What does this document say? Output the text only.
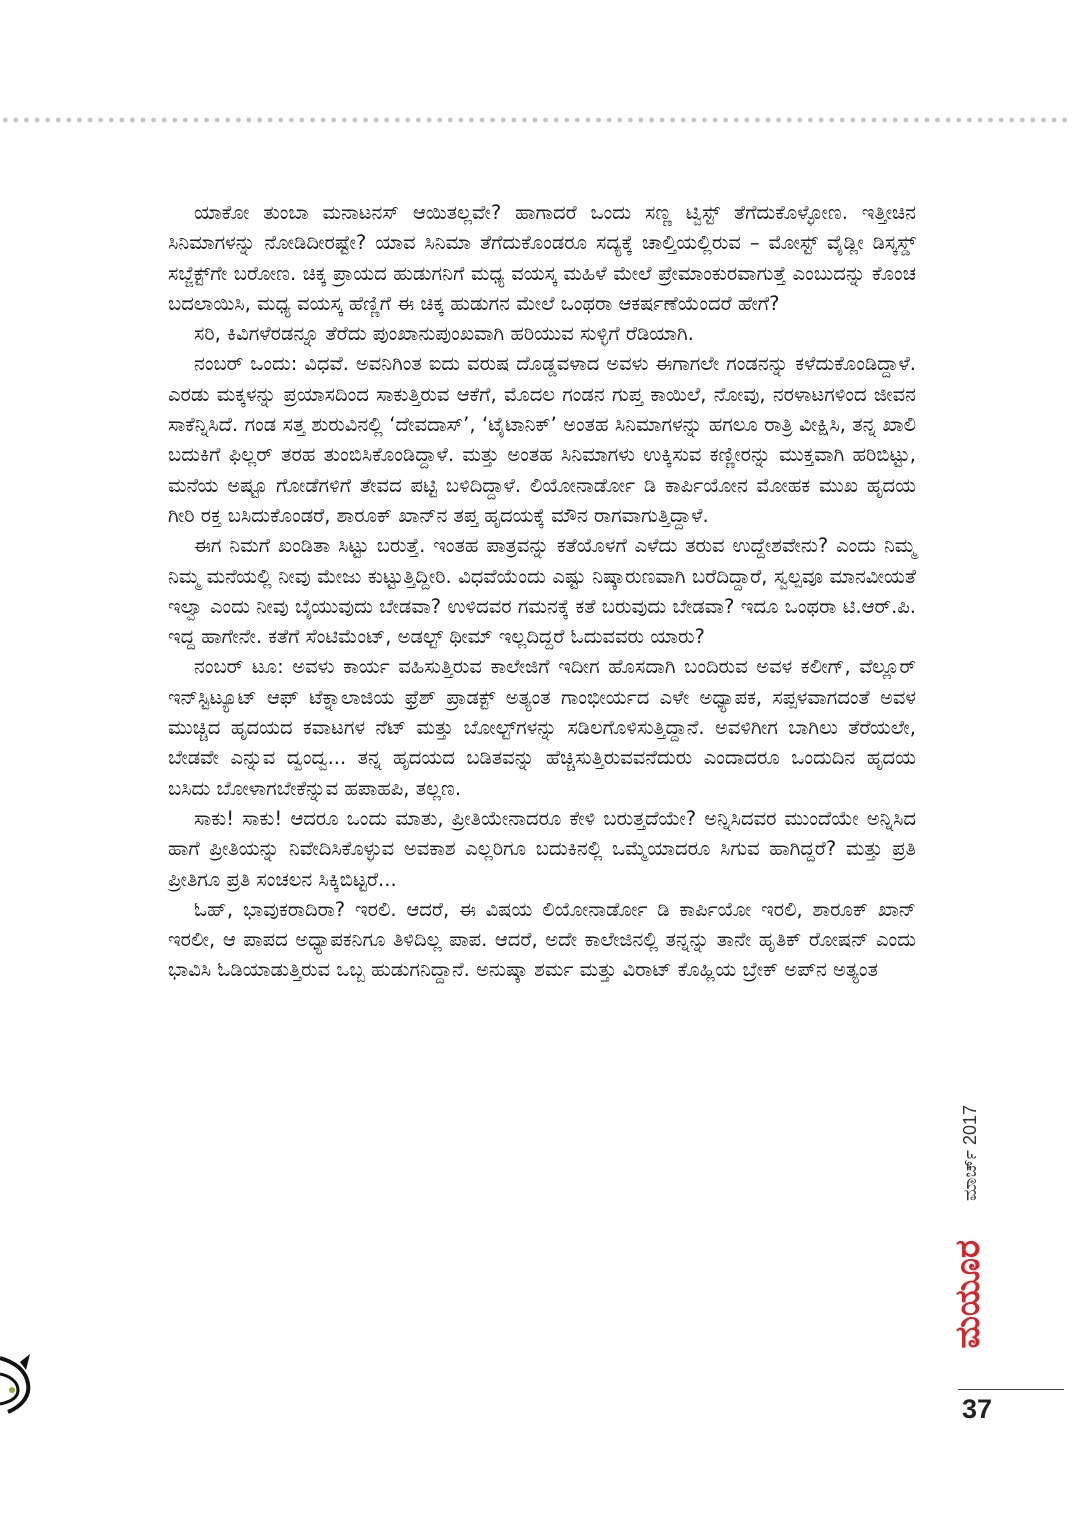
ಯಾಕೋ ತುಂಬಾ ಮನಾಟನಸ್ ಆಯಿತಲ್ಲವೇ? ಹಾಗಾದರೆ ಒಂದು ಸಣ್ಣ ಟ್ವಿಸ್ಟ್ ತೆಗೆದುಕೊಳ್ಳೋಣ. ಇತ್ತೀಚಿನ ಸಿನಿಮಾಗಳನ್ನು ನೋಡಿದೀರಷ್ಟೇ? ಯಾವ ಸಿನಿಮಾ ತೆಗೆದುಕೊಂಡರೂ ಸದ್ಯಕ್ಕೆ ಚಾಲ್ತಿಯಲ್ಲಿರುವ – ಮೋಸ್ಟ್ ವೈಡ್ಲೀ ಡಿಸ್ಕಸ್ಡ್ ಸಬ್ಜೆಕ್ಟ್‌ಗೇ ಬರೋಣ. ಚಿಕ್ಕ ಪ್ರಾಯದ ಹುಡುಗನಿಗೆ ಮಧ್ಯ ವಯಸ್ಕ ಮಹಿಳೆ ಮೇಲೆ ಪ್ರೇಮಾಂಕುರವಾಗುತ್ತೆ ಎಂಬುದನ್ನು ಕೊಂಚ ಬದಲಾಯಿಸಿ, ಮಧ್ಯ ವಯಸ್ಕ ಹೆಣ್ಣಿಗೆ ಈ ಚಿಕ್ಕ ಹುಡುಗನ ಮೇಲೆ ಒಂಥರಾ ಆಕರ್ಷಣೆಯೆಂದರೆ ಹೇಗೆ?

ಸರಿ, ಕಿವಿಗಳೆರಡನ್ನೂ ತೆರೆದು ಪುಂಖಾನುಪುಂಖವಾಗಿ ಹರಿಯುವ ಸುಳ್ಳಿಗೆ ರೆಡಿಯಾಗಿ.

ನಂಬರ್ ಒಂದು: ವಿಧವೆ. ಅವನಿಗಿಂತ ಐದು ವರುಷ ದೊಡ್ಡವಳಾದ ಅವಳು ಈಗಾಗಲೇ ಗಂಡನನ್ನು ಕಳೆದುಕೊಂಡಿದ್ದಾಳೆ. ಎರಡು ಮಕ್ಕಳನ್ನು ಪ್ರಯಾಸದಿಂದ ಸಾಕುತ್ತಿರುವ ಆಕೆಗೆ, ಮೊದಲ ಗಂಡನ ಗುಪ್ತ ಕಾಯಿಲೆ, ನೋವು, ನರಳಾಟಗಳಿಂದ ಜೀವನ ಸಾಕೆನ್ನಿಸಿದೆ. ಗಂಡ ಸತ್ತ ಶುರುವಿನಲ್ಲಿ ‘ದೇವದಾಸ್’, ‘ಟೈಟಾನಿಕ್’ ಅಂತಹ ಸಿನಿಮಾಗಳನ್ನು ಹಗಲೂ ರಾತ್ರಿ ವೀಕ್ಷಿಸಿ, ತನ್ನ ಖಾಲಿ ಬದುಕಿಗೆ ಫಿಲ್ಲರ್ ತರಹ ತುಂಬಿಸಿಕೊಂಡಿದ್ದಾಳೆ. ಮತ್ತು ಅಂತಹ ಸಿನಿಮಾಗಳು ಉಕ್ಕಿಸುವ ಕಣ್ಣೀರನ್ನು ಮುಕ್ತವಾಗಿ ಹರಿಬಿಟ್ಟು, ಮನೆಯ ಅಷ್ಟೂ ಗೋಡೆಗಳಿಗೆ ತೇವದ ಪಟ್ಟಿ ಬಳಿದಿದ್ದಾಳೆ. ಲಿಯೋನಾರ್ಡೋ ಡಿ ಕಾರ್ಪಿಯೋನ ಮೋಹಕ ಮುಖ ಹೃದಯ ಗೀರಿ ರಕ್ತ ಬಸಿದುಕೊಂಡರೆ, ಶಾರೂಕ್ ಖಾನ್‌ನ ತಪ್ತ ಹೃದಯಕ್ಕೆ ಮೌನ ರಾಗವಾಗುತ್ತಿದ್ದಾಳೆ.

ಈಗ ನಿಮಗೆ ಖಂಡಿತಾ ಸಿಟ್ಟು ಬರುತ್ತೆ. ಇಂತಹ ಪಾತ್ರವನ್ನು ಕತೆಯೊಳಗೆ ಎಳೆದು ತರುವ ಉದ್ದೇಶವೇನು? ಎಂದು ನಿಮ್ಮ ನಿಮ್ಮ ಮನೆಯಲ್ಲಿ ನೀವು ಮೇಜು ಕುಟ್ಟುತ್ತಿದ್ದೀರಿ. ವಿಧವೆಯೆಂದು ಎಷ್ಟು ನಿಷ್ಕಾರುಣವಾಗಿ ಬರೆದಿದ್ದಾರೆ, ಸ್ವಲ್ಪವೂ ಮಾನವೀಯತೆ ಇಲ್ವಾ ಎಂದು ನೀವು ಬೈಯುವುದು ಬೇಡವಾ? ಉಳಿದವರ ಗಮನಕ್ಕೆ ಕತೆ ಬರುವುದು ಬೇಡವಾ? ಇದೂ ಒಂಥರಾ ಟಿ.ಆರ್.ಪಿ. ಇದ್ದ ಹಾಗೇನೇ. ಕತೆಗೆ ಸೆಂಟಿಮೆಂಟ್, ಅಡಲ್ಟ್ ಥೀಮ್ ಇಲ್ಲದಿದ್ದರೆ ಓದುವವರು ಯಾರು?

ನಂಬರ್ ಟೂ: ಅವಳು ಕಾರ್ಯ ವಹಿಸುತ್ತಿರುವ ಕಾಲೇಜಿಗೆ ಇದೀಗ ಹೊಸದಾಗಿ ಬಂದಿರುವ ಅವಳ ಕಲೀಗ್, ವೆಲ್ಲೂರ್ ಇನ್‌ಸ್ಟಿಟ್ಯೂಟ್ ಆಫ್ ಟೆಕ್ನಾಲಾಜಿಯ ಫ್ರೆಶ್ ಪ್ರಾಡಕ್ಟ್ ಅತ್ಯಂತ ಗಾಂಭೀರ್ಯದ ಎಳೇ ಅಧ್ಯಾಪಕ, ಸಪ್ಪಳವಾಗದಂತೆ ಅವಳ ಮುಚ್ಚಿದ ಹೃದಯದ ಕವಾಟಗಳ ನೆಟ್ ಮತ್ತು ಬೋಲ್ಟ್‌ಗಳನ್ನು ಸಡಿಲಗೊಳಿಸುತ್ತಿದ್ದಾನೆ. ಅವಳಿಗೀಗ ಬಾಗಿಲು ತೆರೆಯಲೇ, ಬೇಡವೇ ಎನ್ನುವ ದ್ವಂದ್ವ... ತನ್ನ ಹೃದಯದ ಬಡಿತವನ್ನು ಹೆಚ್ಚಿಸುತ್ತಿರುವವನೆದುರು ಎಂದಾದರೂ ಒಂದುದಿನ ಹೃದಯ ಬಸಿದು ಬೋಳಾಗಬೇಕೆನ್ನುವ ಹಪಾಹಪಿ, ತಲ್ಲಣ.

ಸಾಕು! ಸಾಕು! ಆದರೂ ಒಂದು ಮಾತು, ಪ್ರೀತಿಯೇನಾದರೂ ಕೇಳಿ ಬರುತ್ತದೆಯೇ? ಅನ್ನಿಸಿದವರ ಮುಂದೆಯೇ ಅನ್ನಿಸಿದ ಹಾಗೆ ಪ್ರೀತಿಯನ್ನು ನಿವೇದಿಸಿಕೊಳ್ಳುವ ಅವಕಾಶ ಎಲ್ಲರಿಗೂ ಬದುಕಿನಲ್ಲಿ ಒಮ್ಮೆಯಾದರೂ ಸಿಗುವ ಹಾಗಿದ್ದರೆ? ಮತ್ತು ಪ್ರತಿ ಪ್ರೀತಿಗೂ ಪ್ರತಿ ಸಂಚಲನ ಸಿಕ್ಕಿಬಿಟ್ಟರೆ...

ಓಹ್, ಭಾವುಕರಾದಿರಾ? ಇರಲಿ. ಆದರೆ, ಈ ವಿಷಯ ಲಿಯೋನಾರ್ಡೋ ಡಿ ಕಾರ್ಪಿಯೋ ಇರಲಿ, ಶಾರೂಕ್ ಖಾನ್ ಇರಲೀ, ಆ ಪಾಪದ ಅಧ್ಯಾಪಕನಿಗೂ ತಿಳಿದಿಲ್ಲ ಪಾಪ. ಆದರೆ, ಅದೇ ಕಾಲೇಜಿನಲ್ಲಿ ತನ್ನನ್ನು ತಾನೇ ಹೃತಿಕ್ ರೋಷನ್ ಎಂದು ಭಾವಿಸಿ ಓಡಿಯಾಡುತ್ತಿರುವ ಒಬ್ಬ ಹುಡುಗನಿದ್ದಾನೆ. ಅನುಷ್ಕಾ ಶರ್ಮ ಮತ್ತು ವಿರಾಟ್ ಕೊಹ್ಲಿಯ ಬ್ರೇಕ್ ಅಪ್‌ನ ಅತ್ಯಂತ

ಮಾರ್ಚ್ 2017
ಮಯೂರ
37
